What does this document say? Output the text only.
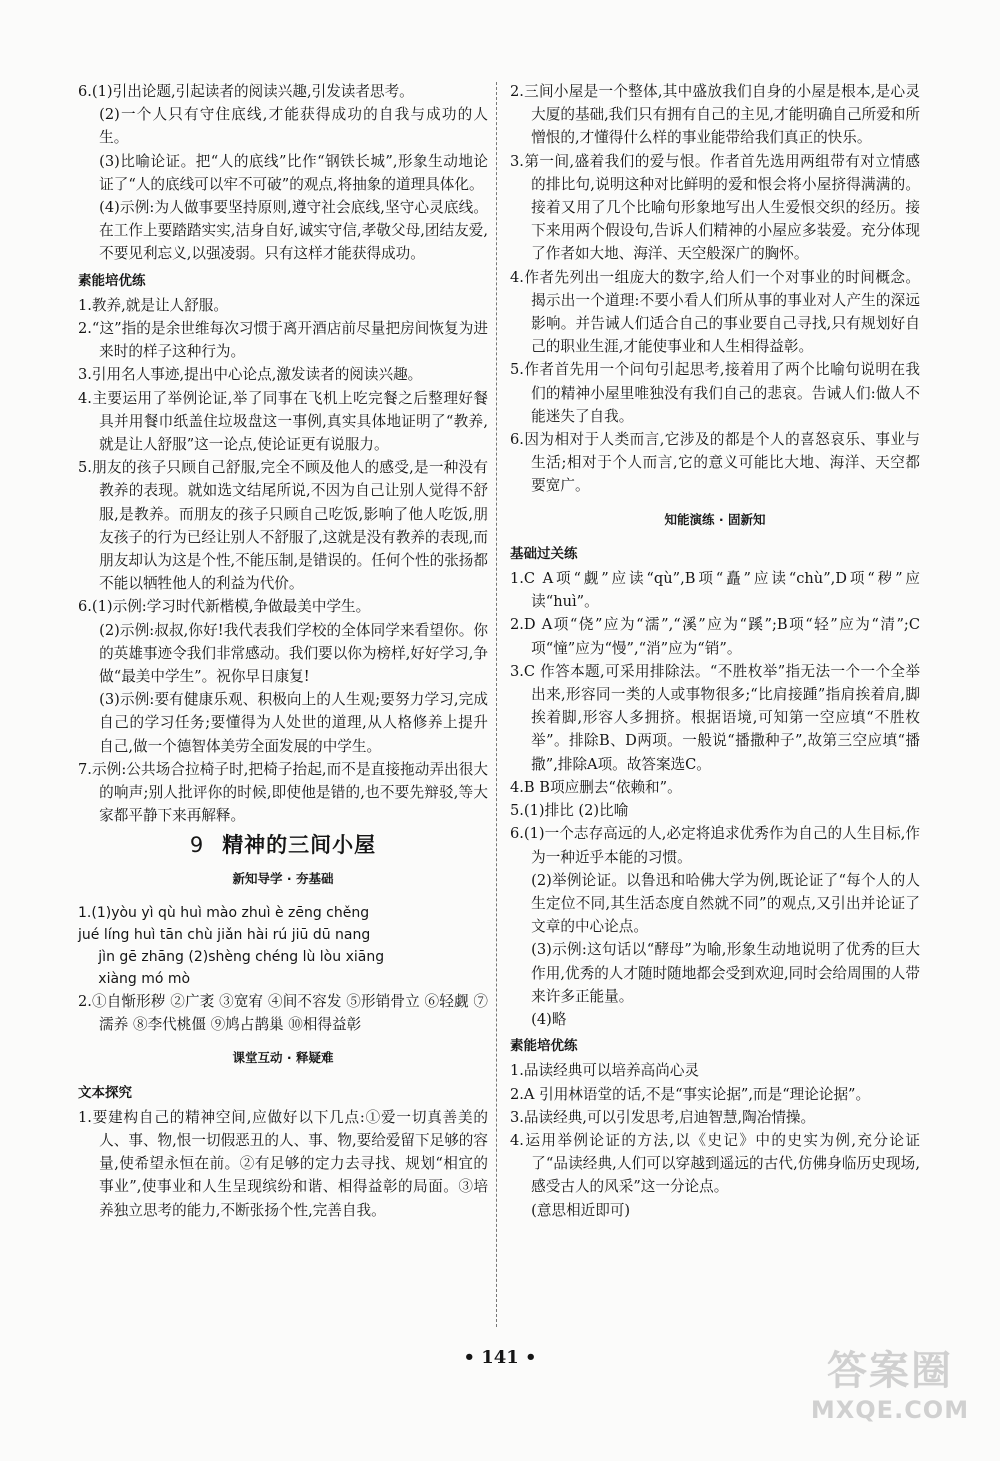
6.(1)引出论题,引起读者的阅读兴趣,引发读者思考。
(2)一个人只有守住底线,才能获得成功的自我与成功的人生。
(3)比喻论证。把“人的底线”比作“钢铁长城”,形象生动地论证了“人的底线可以牢不可破”的观点,将抽象的道理具体化。
(4)示例:为人做事要坚持原则,遵守社会底线,坚守心灵底线。在工作上要踏踏实实,洁身自好,诚实守信,孝敬父母,团结友爱,不要见利忘义,以强凌弱。只有这样才能获得成功。
素能培优练
1.教养,就是让人舒服。
2.“这”指的是余世维每次习惯于离开酒店前尽量把房间恢复为进来时的样子这种行为。
3.引用名人事迹,提出中心论点,激发读者的阅读兴趣。
4.主要运用了举例论证,举了同事在飞机上吃完餐之后整理好餐具并用餐巾纸盖住垃圾盘这一事例,真实具体地证明了“教养,就是让人舒服”这一论点,使论证更有说服力。
5.朋友的孩子只顾自己舒服,完全不顾及他人的感受,是一种没有教养的表现。就如选文结尾所说,不因为自己让别人觉得不舒服,是教养。而朋友的孩子只顾自己吃饭,影响了他人吃饭,朋友孩子的行为已经让别人不舒服了,这就是没有教养的表现,而朋友却认为这是个性,不能压制,是错误的。任何个性的张扬都不能以牺牲他人的利益为代价。
6.(1)示例:学习时代新楷模,争做最美中学生。
(2)示例:叔叔,你好!我代表我们学校的全体同学来看望你。你的英雄事迹令我们非常感动。我们要以你为榜样,好好学习,争做“最美中学生”。祝你早日康复!
(3)示例:要有健康乐观、积极向上的人生观;要努力学习,完成自己的学习任务;要懂得为人处世的道理,从人格修养上提升自己,做一个德智体美劳全面发展的中学生。
7.示例:公共场合拉椅子时,把椅子抬起,而不是直接拖动弄出很大的响声;别人批评你的时候,即使他是错的,也不要先辩驳,等大家都平静下来再解释。
9 精神的三间小屋
新知导学 · 夯基础
1.(1)yòu yì qù huì mào zhuì è zēng chěng
jué líng huì tān chù jiǎn hài rú jiū dū nang
jìn gē zhāng (2)shèng chéng lù lòu xiāng
xiàng mó mò
2.①自惭形秽 ②广袤 ③宽宥 ④间不容发 ⑤形销骨立 ⑥轻觑 ⑦濡养 ⑧李代桃僵 ⑨鸠占鹊巢 ⑩相得益彰
课堂互动 · 释疑难
文本探究
1.要建构自己的精神空间,应做好以下几点:①爱一切真善美的人、事、物,恨一切假恶丑的人、事、物,要给爱留下足够的容量,使希望永恒在前。②有足够的定力去寻找、规划“相宜的事业”,使事业和人生呈现缤纷和谐、相得益彰的局面。③培养独立思考的能力,不断张扬个性,完善自我。
2.三间小屋是一个整体,其中盛放我们自身的小屋是根本,是心灵大厦的基础,我们只有拥有自己的主见,才能明确自己所爱和所憎恨的,才懂得什么样的事业能带给我们真正的快乐。
3.第一间,盛着我们的爱与恨。作者首先选用两组带有对立情感的排比句,说明这种对比鲜明的爱和恨会将小屋挤得满满的。接着又用了几个比喻句形象地写出人生爱恨交织的经历。接下来用两个假设句,告诉人们精神的小屋应多装爱。充分体现了作者如大地、海洋、天空般深广的胸怀。
4.作者先列出一组庞大的数字,给人们一个对事业的时间概念。揭示出一个道理:不要小看人们所从事的事业对人产生的深远影响。并告诫人们适合自己的事业要自己寻找,只有规划好自己的职业生涯,才能使事业和人生相得益彰。
5.作者首先用一个问句引起思考,接着用了两个比喻句说明在我们的精神小屋里唯独没有我们自己的悲哀。告诫人们:做人不能迷失了自我。
6.因为相对于人类而言,它涉及的都是个人的喜怒哀乐、事业与生活;相对于个人而言,它的意义可能比大地、海洋、天空都要宽广。
知能演练 · 固新知
基础过关练
1.C A项“觑”应读“qù”,B项“矗”应读“chù”,D项“秽”应读“huì”。
2.D A项“侥”应为“濡”,“溪”应为“蹊”;B项“轻”应为“清”;C项“憧”应为“慢”,“消”应为“销”。
3.C 作答本题,可采用排除法。“不胜枚举”指无法一个一个全举出来,形容同一类的人或事物很多;“比肩接踵”指肩挨着肩,脚挨着脚,形容人多拥挤。根据语境,可知第一空应填“不胜枚举”。排除B、D两项。一般说“播撒种子”,故第三空应填“播撒”,排除A项。故答案选C。
4.B B项应删去“依赖和”。
5.(1)排比 (2)比喻
6.(1)一个志存高远的人,必定将追求优秀作为自己的人生目标,作为一种近乎本能的习惯。
(2)举例论证。以鲁迅和哈佛大学为例,既论证了“每个人的人生定位不同,其生活态度自然就不同”的观点,又引出并论证了文章的中心论点。
(3)示例:这句话以“酵母”为喻,形象生动地说明了优秀的巨大作用,优秀的人才随时随地都会受到欢迎,同时会给周围的人带来许多正能量。
(4)略
素能培优练
1.品读经典可以培养高尚心灵
2.A 引用林语堂的话,不是“事实论据”,而是“理论论据”。
3.品读经典,可以引发思考,启迪智慧,陶冶情操。
4.运用举例论证的方法,以《史记》中的史实为例,充分论证了“品读经典,人们可以穿越到遥远的古代,仿佛身临历史现场,感受古人的风采”这一分论点。
(意思相近即可)
• 141 •	答案圈
MXQE.COM
